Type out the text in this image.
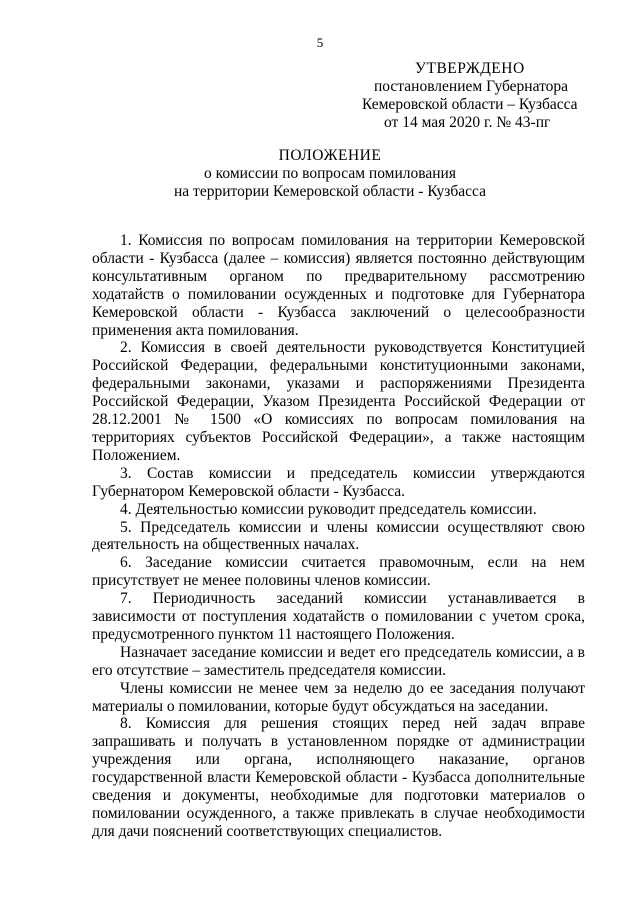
5
УТВЕРЖДЕНО
постановлением Губернатора
Кемеровской области – Кузбасса
от 14 мая 2020 г. № 43-пг
ПОЛОЖЕНИЕ
о комиссии по вопросам помилования
на территории Кемеровской области - Кузбасса

1. Комиссия по вопросам помилования на территории Кемеровской области - Кузбасса (далее – комиссия) является постоянно действующим консультативным органом по предварительному рассмотрению ходатайств о помиловании осужденных и подготовке для Губернатора Кемеровской области - Кузбасса заключений о целесообразности применения акта помилования.

2. Комиссия в своей деятельности руководствуется Конституцией Российской Федерации, федеральными конституционными законами, федеральными законами, указами и распоряжениями Президента Российской Федерации, Указом Президента Российской Федерации от 28.12.2001 № 1500 «О комиссиях по вопросам помилования на территориях субъектов Российской Федерации», а также настоящим Положением.

3. Состав комиссии и председатель комиссии утверждаются Губернатором Кемеровской области - Кузбасса.

4. Деятельностью комиссии руководит председатель комиссии.

5. Председатель комиссии и члены комиссии осуществляют свою деятельность на общественных началах.

6. Заседание комиссии считается правомочным, если на нем присутствует не менее половины членов комиссии.

7. Периодичность заседаний комиссии устанавливается в зависимости от поступления ходатайств о помиловании с учетом срока, предусмотренного пунктом 11 настоящего Положения.

Назначает заседание комиссии и ведет его председатель комиссии, а в его отсутствие – заместитель председателя комиссии.

Члены комиссии не менее чем за неделю до ее заседания получают материалы о помиловании, которые будут обсуждаться на заседании.

8. Комиссия для решения стоящих перед ней задач вправе запрашивать и получать в установленном порядке от администрации учреждения или органа, исполняющего наказание, органов государственной власти Кемеровской области - Кузбасса дополнительные сведения и документы, необходимые для подготовки материалов о помиловании осужденного, а также привлекать в случае необходимости для дачи пояснений соответствующих специалистов.
